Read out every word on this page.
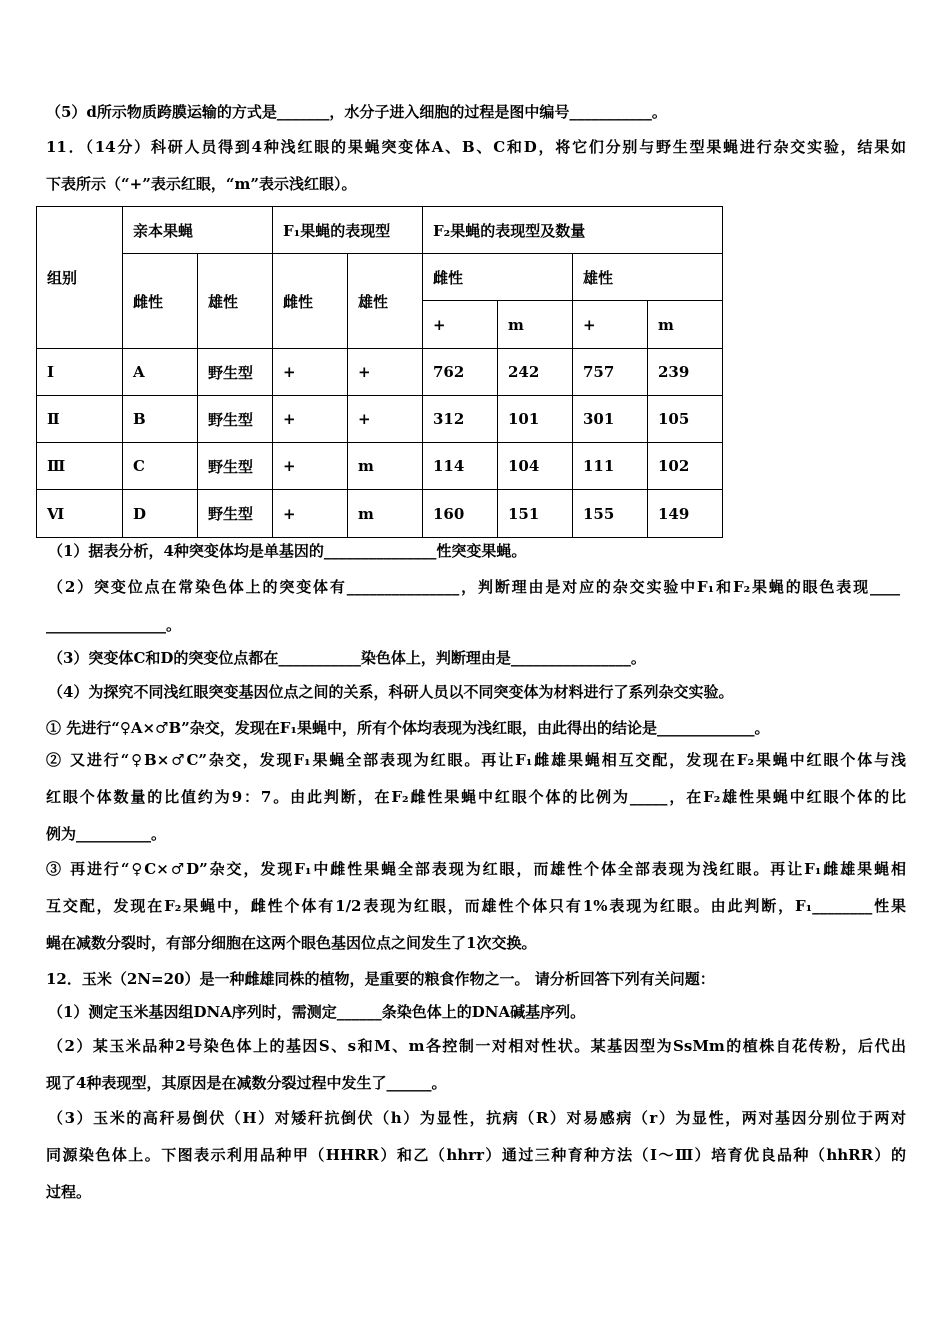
（5）d所示物质跨膜运输的方式是_______，水分子进入细胞的过程是图中编号___________。
11．（14分）科研人员得到4种浅红眼的果蝇突变体A、B、C和D，将它们分别与野生型果蝇进行杂交实验，结果如
下表所示（“+”表示红眼，“m”表示浅红眼）。
组别	亲本果蝇		F₁果蝇的表现型		F₂果蝇的表现型及数量			
	雌性	雄性	雌性	雄性	雌性		雄性	
					+	m	+	m
Ⅰ	A	野生型	+	+	762	242	757	239
Ⅱ	B	野生型	+	+	312	101	301	105
Ⅲ	C	野生型	+	m	114	104	111	102
Ⅵ	D	野生型	+	m	160	151	155	149
（1）据表分析，4种突变体均是单基因的_______________性突变果蝇。
（2）突变位点在常染色体上的突变体有_______________，判断理由是对应的杂交实验中F₁和F₂果蝇的眼色表现____
________________。
（3）突变体C和D的突变位点都在___________染色体上，判断理由是________________。
（4）为探究不同浅红眼突变基因位点之间的关系，科研人员以不同突变体为材料进行了系列杂交实验。
① 先进行“♀A×♂B”杂交，发现在F₁果蝇中，所有个体均表现为浅红眼，由此得出的结论是_____________。
② 又进行“♀B×♂C”杂交，发现F₁果蝇全部表现为红眼。再让F₁雌雄果蝇相互交配，发现在F₂果蝇中红眼个体与浅
红眼个体数量的比值约为9：7。由此判断，在F₂雌性果蝇中红眼个体的比例为_____，在F₂雄性果蝇中红眼个体的比
例为__________。
③ 再进行“♀C×♂D”杂交，发现F₁中雌性果蝇全部表现为红眼，而雄性个体全部表现为浅红眼。再让F₁雌雄果蝇相
互交配，发现在F₂果蝇中，雌性个体有1/2表现为红眼，而雄性个体只有1%表现为红眼。由此判断，F₁________性果
蝇在减数分裂时，有部分细胞在这两个眼色基因位点之间发生了1次交换。
12．玉米（2N=20）是一种雌雄同株的植物，是重要的粮食作物之一。 请分析回答下列有关问题：
（1）测定玉米基因组DNA序列时，需测定______条染色体上的DNA碱基序列。
（2）某玉米品种2号染色体上的基因S、s和M、m各控制一对相对性状。某基因型为SsMm的植株自花传粉，后代出
现了4种表现型，其原因是在减数分裂过程中发生了______。
（3）玉米的高秆易倒伏（H）对矮秆抗倒伏（h）为显性，抗病（R）对易感病（r）为显性，两对基因分别位于两对
同源染色体上。下图表示利用品种甲（HHRR）和乙（hhrr）通过三种育种方法（Ⅰ～Ⅲ）培育优良品种（hhRR）的
过程。
